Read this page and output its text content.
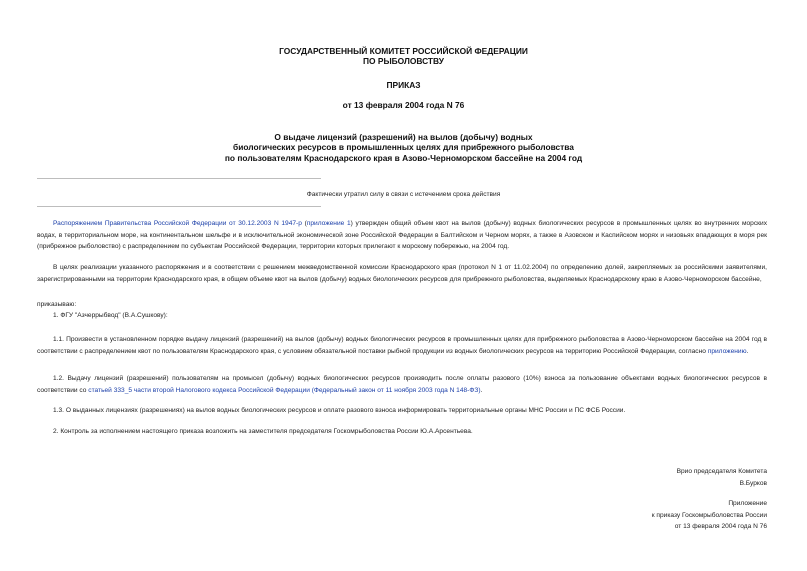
ГОСУДАРСТВЕННЫЙ КОМИТЕТ РОССИЙСКОЙ ФЕДЕРАЦИИ
ПО РЫБОЛОВСТВУ
ПРИКАЗ
от 13 февраля 2004 года N 76
О выдаче лицензий (разрешений) на вылов (добычу) водных
биологических ресурсов в промышленных целях для прибрежного рыболовства
по пользователям Краснодарского края в Азово-Черноморском бассейне на 2004 год
Фактически утратил силу в связи с истечением срока действия
Распоряжением Правительства Российской Федерации от 30.12.2003 N 1947-р (приложение 1) утвержден общий объем квот на вылов (добычу) водных биологических ресурсов в промышленных целях во внутренних морских водах, в территориальном море, на континентальном шельфе и в исключительной экономической зоне Российской Федерации в Балтийском и Черном морях, а также в Азовском и Каспийском морях и низовьях впадающих в моря рек (прибрежное рыболовство) с распределением по субъектам Российской Федерации, территории которых прилегают к морскому побережью, на 2004 год.
В целях реализации указанного распоряжения и в соответствии с решением межведомственной комиссии Краснодарского края (протокол N 1 от 11.02.2004) по определению долей, закрепляемых за российскими заявителями, зарегистрированными на территории Краснодарского края, в общем объеме квот на вылов (добычу) водных биологических ресурсов для прибрежного рыболовства, выделяемых Краснодарскому краю в Азово-Черноморском бассейне,
приказываю:
1. ФГУ "Азчеррыбвод" (В.А.Сушкову):
1.1. Произвести в установленном порядке выдачу лицензий (разрешений) на вылов (добычу) водных биологических ресурсов в промышленных целях для прибрежного рыболовства в Азово-Черноморском бассейне на 2004 год в соответствии с распределением квот по пользователям Краснодарского края, с условием обязательной поставки рыбной продукции из водных биологических ресурсов на территорию Российской Федерации, согласно приложению.
1.2. Выдачу лицензий (разрешений) пользователям на промысел (добычу) водных биологических ресурсов производить после оплаты разового (10%) взноса за пользование объектами водных биологических ресурсов в соответствии со статьей 333_5 части второй Налогового кодекса Российской Федерации (Федеральный закон от 11 ноября 2003 года N 148-ФЗ).
1.3. О выданных лицензиях (разрешениях) на вылов водных биологических ресурсов и оплате разового взноса информировать территориальные органы МНС России и ПС ФСБ России.
2. Контроль за исполнением настоящего приказа возложить на заместителя председателя Госкомрыболовства России Ю.А.Арсентьева.
Врио председателя Комитета
В.Бурков
Приложение
к приказу Госкомрыболовства России
от 13 февраля 2004 года N 76
